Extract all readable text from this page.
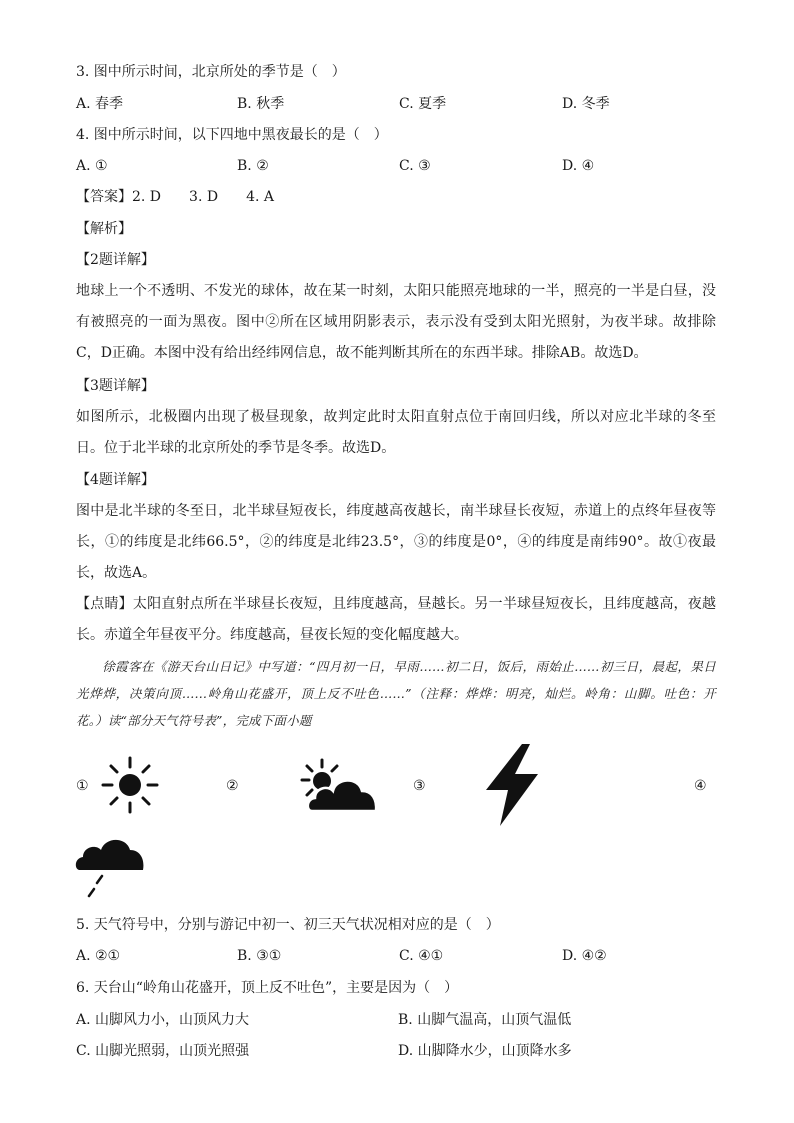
3. 图中所示时间，北京所处的季节是（　）
A. 春季	B. 秋季	C. 夏季	D. 冬季
4. 图中所示时间，以下四地中黑夜最长的是（　）
A. ①	B. ②	C. ③	D. ④
【答案】2. D　　3. D　　4. A
【解析】
【2题详解】
地球上一个不透明、不发光的球体，故在某一时刻，太阳只能照亮地球的一半，照亮的一半是白昼，没有被照亮的一面为黑夜。图中②所在区域用阴影表示，表示没有受到太阳光照射，为夜半球。故排除C，D正确。本图中没有给出经纬网信息，故不能判断其所在的东西半球。排除AB。故选D。
【3题详解】
如图所示，北极圈内出现了极昼现象，故判定此时太阳直射点位于南回归线，所以对应北半球的冬至日。位于北半球的北京所处的季节是冬季。故选D。
【4题详解】
图中是北半球的冬至日，北半球昼短夜长，纬度越高夜越长，南半球昼长夜短，赤道上的点终年昼夜等长，①的纬度是北纬66.5°，②的纬度是北纬23.5°，③的纬度是0°，④的纬度是南纬90°。故①夜最长，故选A。
【点睛】太阳直射点所在半球昼长夜短，且纬度越高，昼越长。另一半球昼短夜长，且纬度越高，夜越长。赤道全年昼夜平分。纬度越高，昼夜长短的变化幅度越大。
徐霞客在《游天台山日记》中写道：“四月初一日，早雨……初二日，饭后，雨始止……初三日，晨起，果日光烨烨，决策向顶……岭角山花盛开，顶上反不吐色……”（注释：烨烨：明亮，灿烂。岭角：山脚。吐色：开花。）读“部分天气符号表”，完成下面小题
①	②	③	④
5. 天气符号中，分别与游记中初一、初三天气状况相对应的是（　）
A. ②①	B. ③①	C. ④①	D. ④②
6. 天台山“岭角山花盛开，顶上反不吐色”，主要是因为（　）
A. 山脚风力小，山顶风力大	B. 山脚气温高，山顶气温低
C. 山脚光照弱，山顶光照强	D. 山脚降水少，山顶降水多
